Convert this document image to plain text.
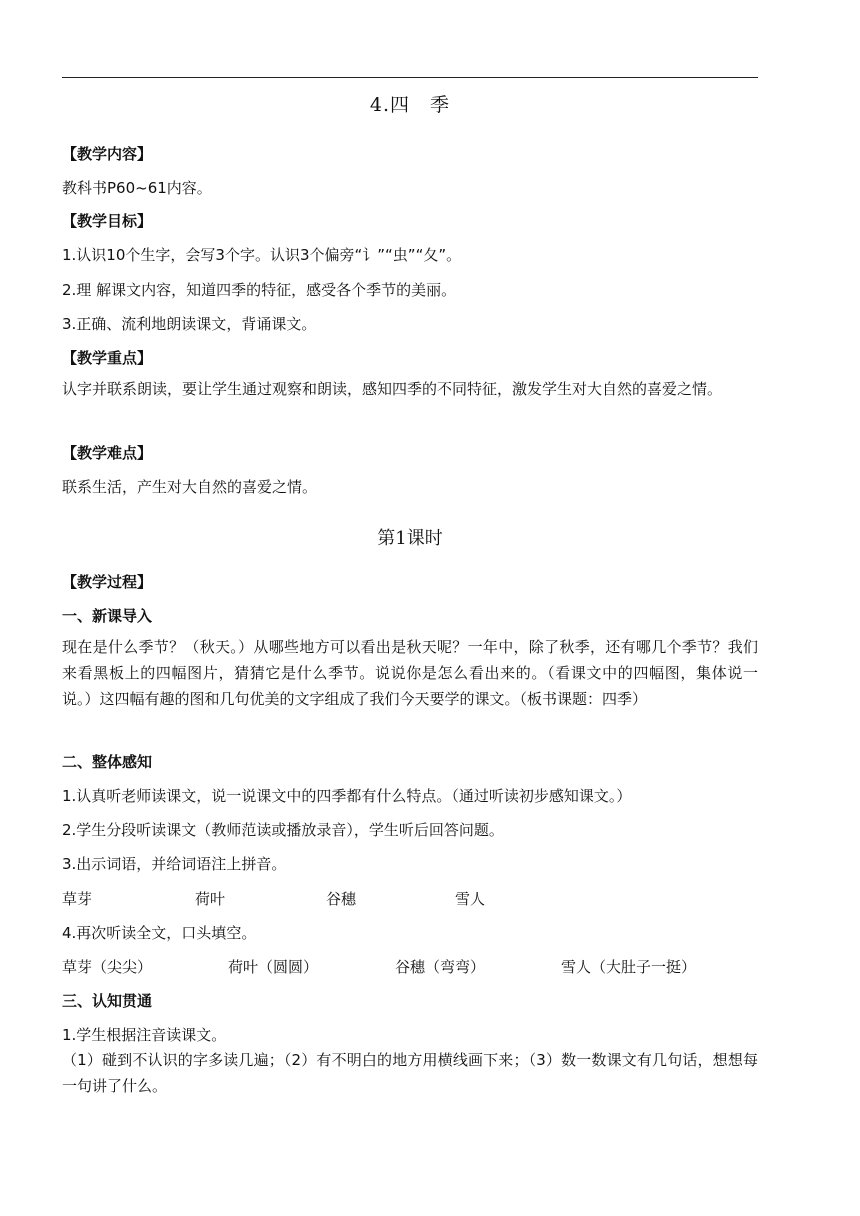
4.四　季
【教学内容】
教科书P60~61内容。
【教学目标】
1.认识10个生字，会写3个字。认识3个偏旁“讠”“虫”“夂”。
2.理 解课文内容，知道四季的特征，感受各个季节的美丽。
3.正确、流利地朗读课文，背诵课文。
【教学重点】
认字并联系朗读，要让学生通过观察和朗读，感知四季的不同特征，激发学生对大自然的喜爱之情。
【教学难点】
联系生活，产生对大自然的喜爱之情。
第1课时
【教学过程】
一、新课导入
现在是什么季节？（秋天。）从哪些地方可以看出是秋天呢？一年中，除了秋季，还有哪几个季节？我们来看黑板上的四幅图片，猜猜它是什么季节。说说你是怎么看出来的。（看课文中的四幅图，集体说一说。）这四幅有趣的图和几句优美的文字组成了我们今天要学的课文。（板书课题：四季）
二、整体感知
1.认真听老师读课文，说一说课文中的四季都有什么特点。（通过听读初步感知课文。）
2.学生分段听读课文（教师范读或播放录音），学生听后回答问题。
3.出示词语，并给词语注上拼音。
草芽	荷叶	谷穗	雪人
4.再次听读全文，口头填空。
草芽（尖尖）	荷叶（圆圆）	谷穗（弯弯）	雪人（大肚子一挺）
三、认知贯通
1.学生根据注音读课文。
（1）碰到不认识的字多读几遍；（2）有不明白的地方用横线画下来；（3）数一数课文有几句话，想想每一句讲了什么。
